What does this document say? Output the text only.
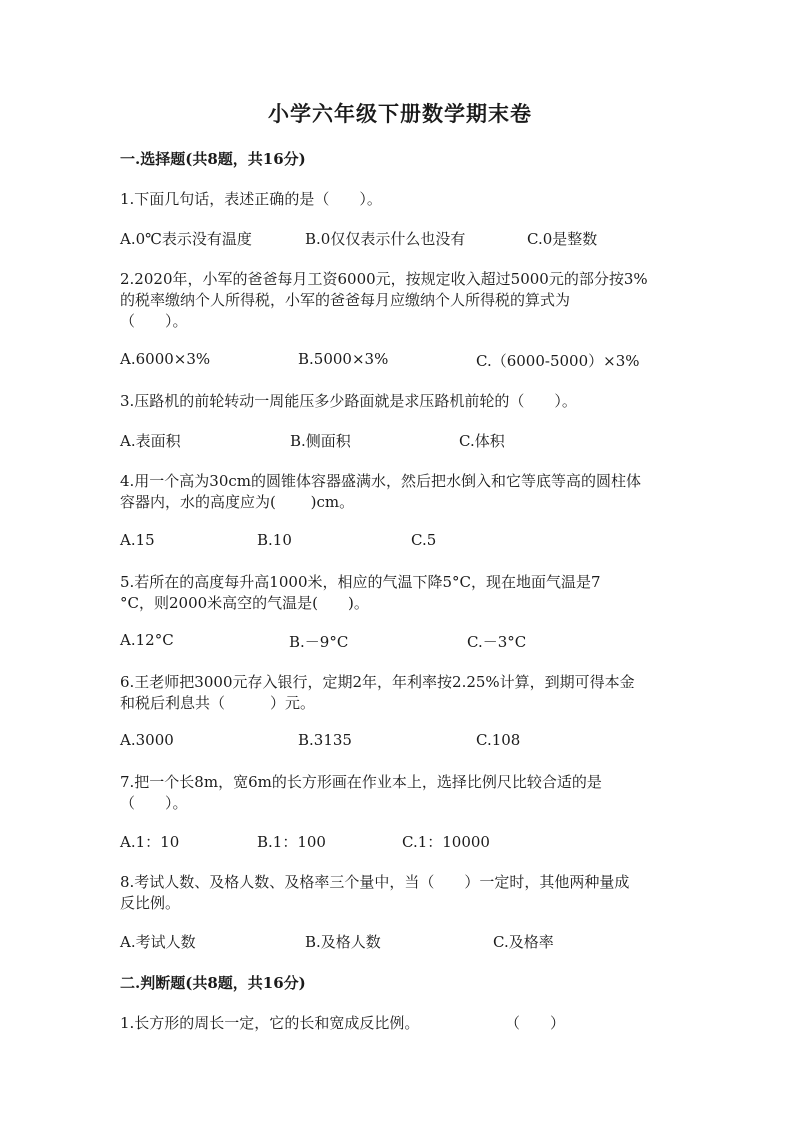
小学六年级下册数学期末卷
一.选择题(共8题，共16分)
1.下面几句话，表述正确的是（　　）。
A.0℃表示没有温度	B.0仅仅表示什么也没有	C.0是整数
2.2020年，小军的爸爸每月工资6000元，按规定收入超过5000元的部分按3%
的税率缴纳个人所得税，小军的爸爸每月应缴纳个人所得税的算式为
（　　）。
A.6000×3%	B.5000×3%	C.（6000-5000）×3%
3.压路机的前轮转动一周能压多少路面就是求压路机前轮的（　　）。
A.表面积	B.侧面积	C.体积
4.用一个高为30cm的圆锥体容器盛满水，然后把水倒入和它等底等高的圆柱体
容器内，水的高度应为(　　 )cm。
A.15	B.10	C.5
5.若所在的高度每升高1000米，相应的气温下降5°C，现在地面气温是7
°C，则2000米高空的气温是(　　)。
A.12°C	B.－9°C	C.－3°C
6.王老师把3000元存入银行，定期2年，年利率按2.25%计算，到期可得本金
和税后利息共（　　　）元。
A.3000	B.3135	C.108
7.把一个长8m，宽6m的长方形画在作业本上，选择比例尺比较合适的是
（　　）。
A.1：10	B.1：100	C.1：10000
8.考试人数、及格人数、及格率三个量中，当（　　）一定时，其他两种量成
反比例。
A.考试人数	B.及格人数	C.及格率
二.判断题(共8题，共16分)
1.长方形的周长一定，它的长和宽成反比例。	（　　）
